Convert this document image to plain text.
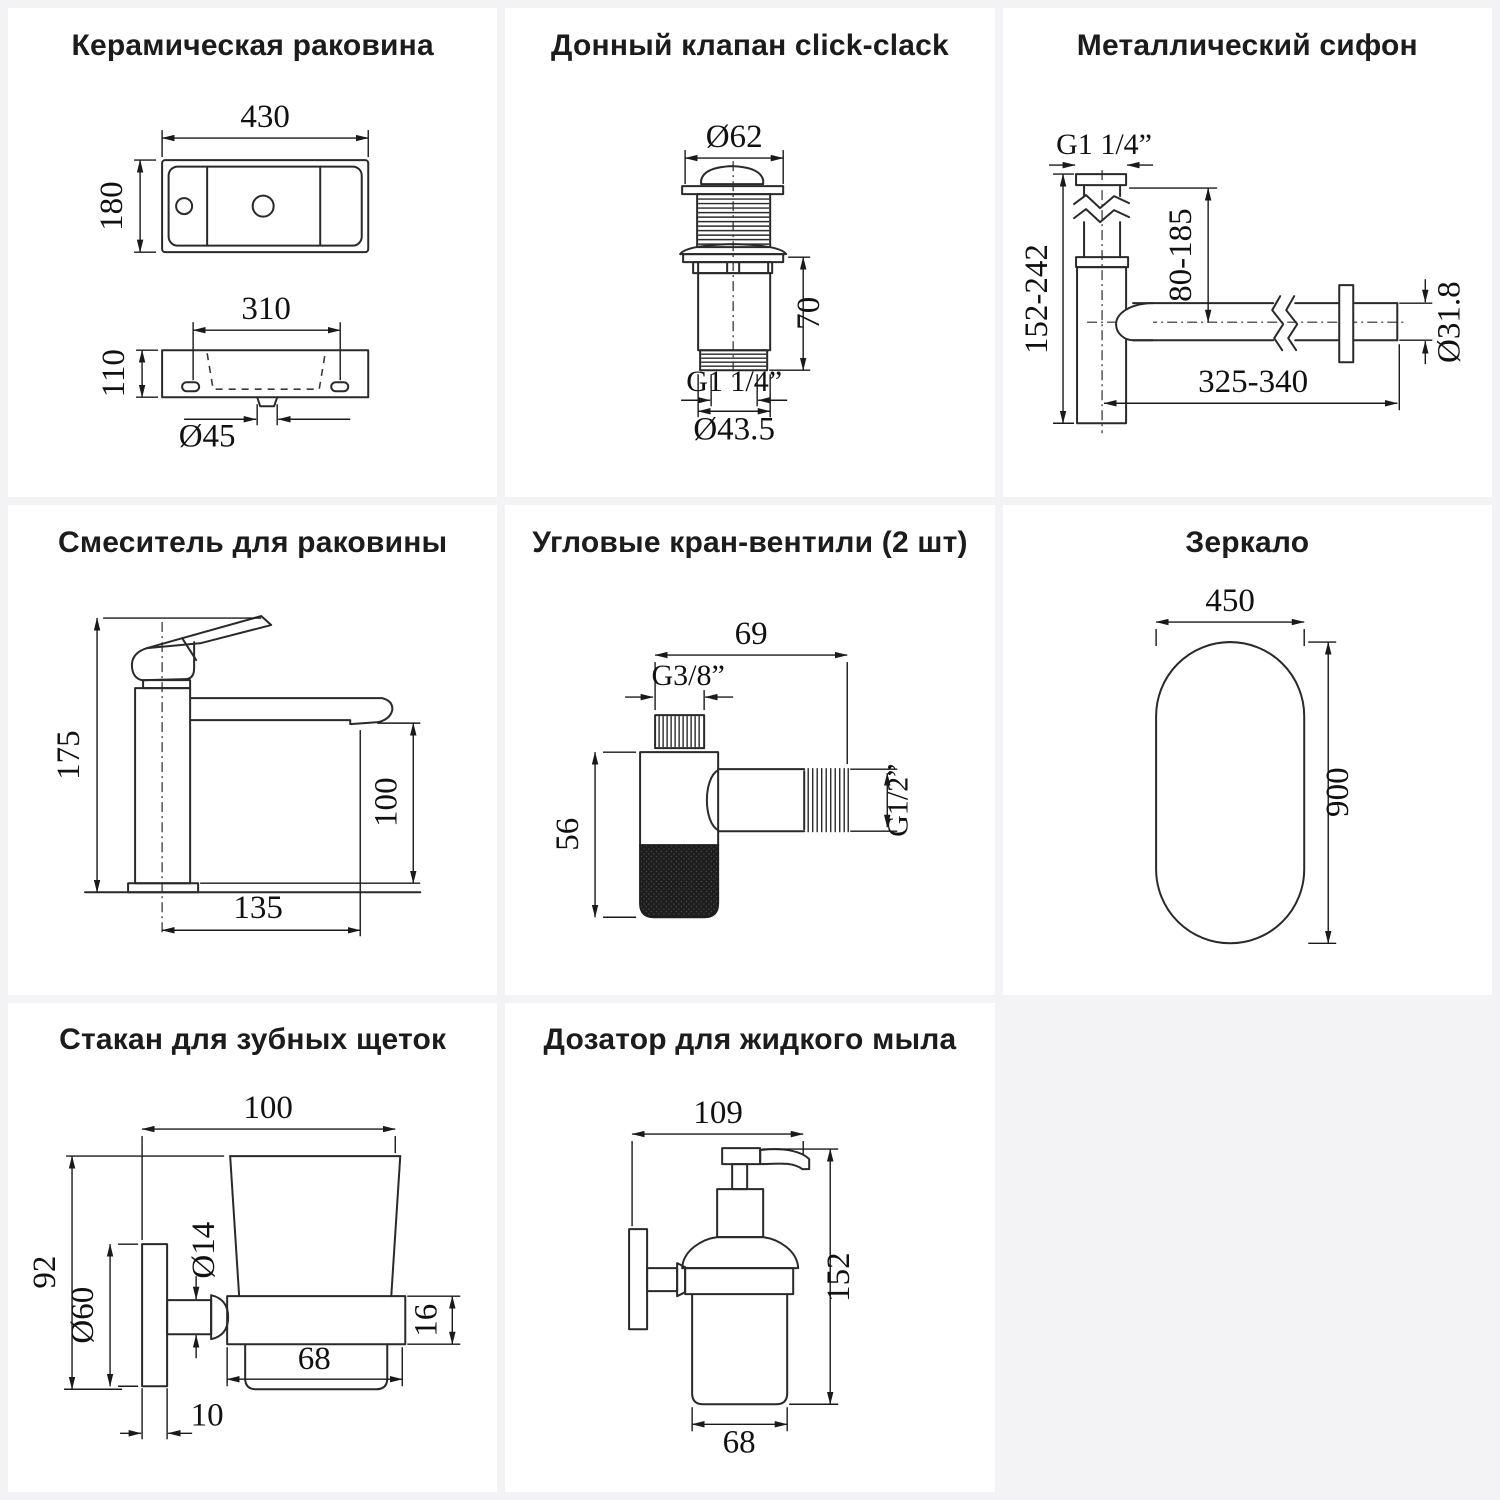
Керамическая раковина
430
180
310
110
Ø45
Донный клапан click-clack
Ø62
70
G1 1/4”
Ø43.5
Металлический сифон
G1 1/4”
152-242	80-185
Ø31.8
325-340
Смеситель для раковины
175
100
135
Угловые кран-вентили (2 шт)
69
G3/8”
G1/2”
56
Зеркало
450
900
Стакан для зубных щеток
100
92
Ø60
Ø14
16
68
10
Дозатор для жидкого мыла
109
152
68
